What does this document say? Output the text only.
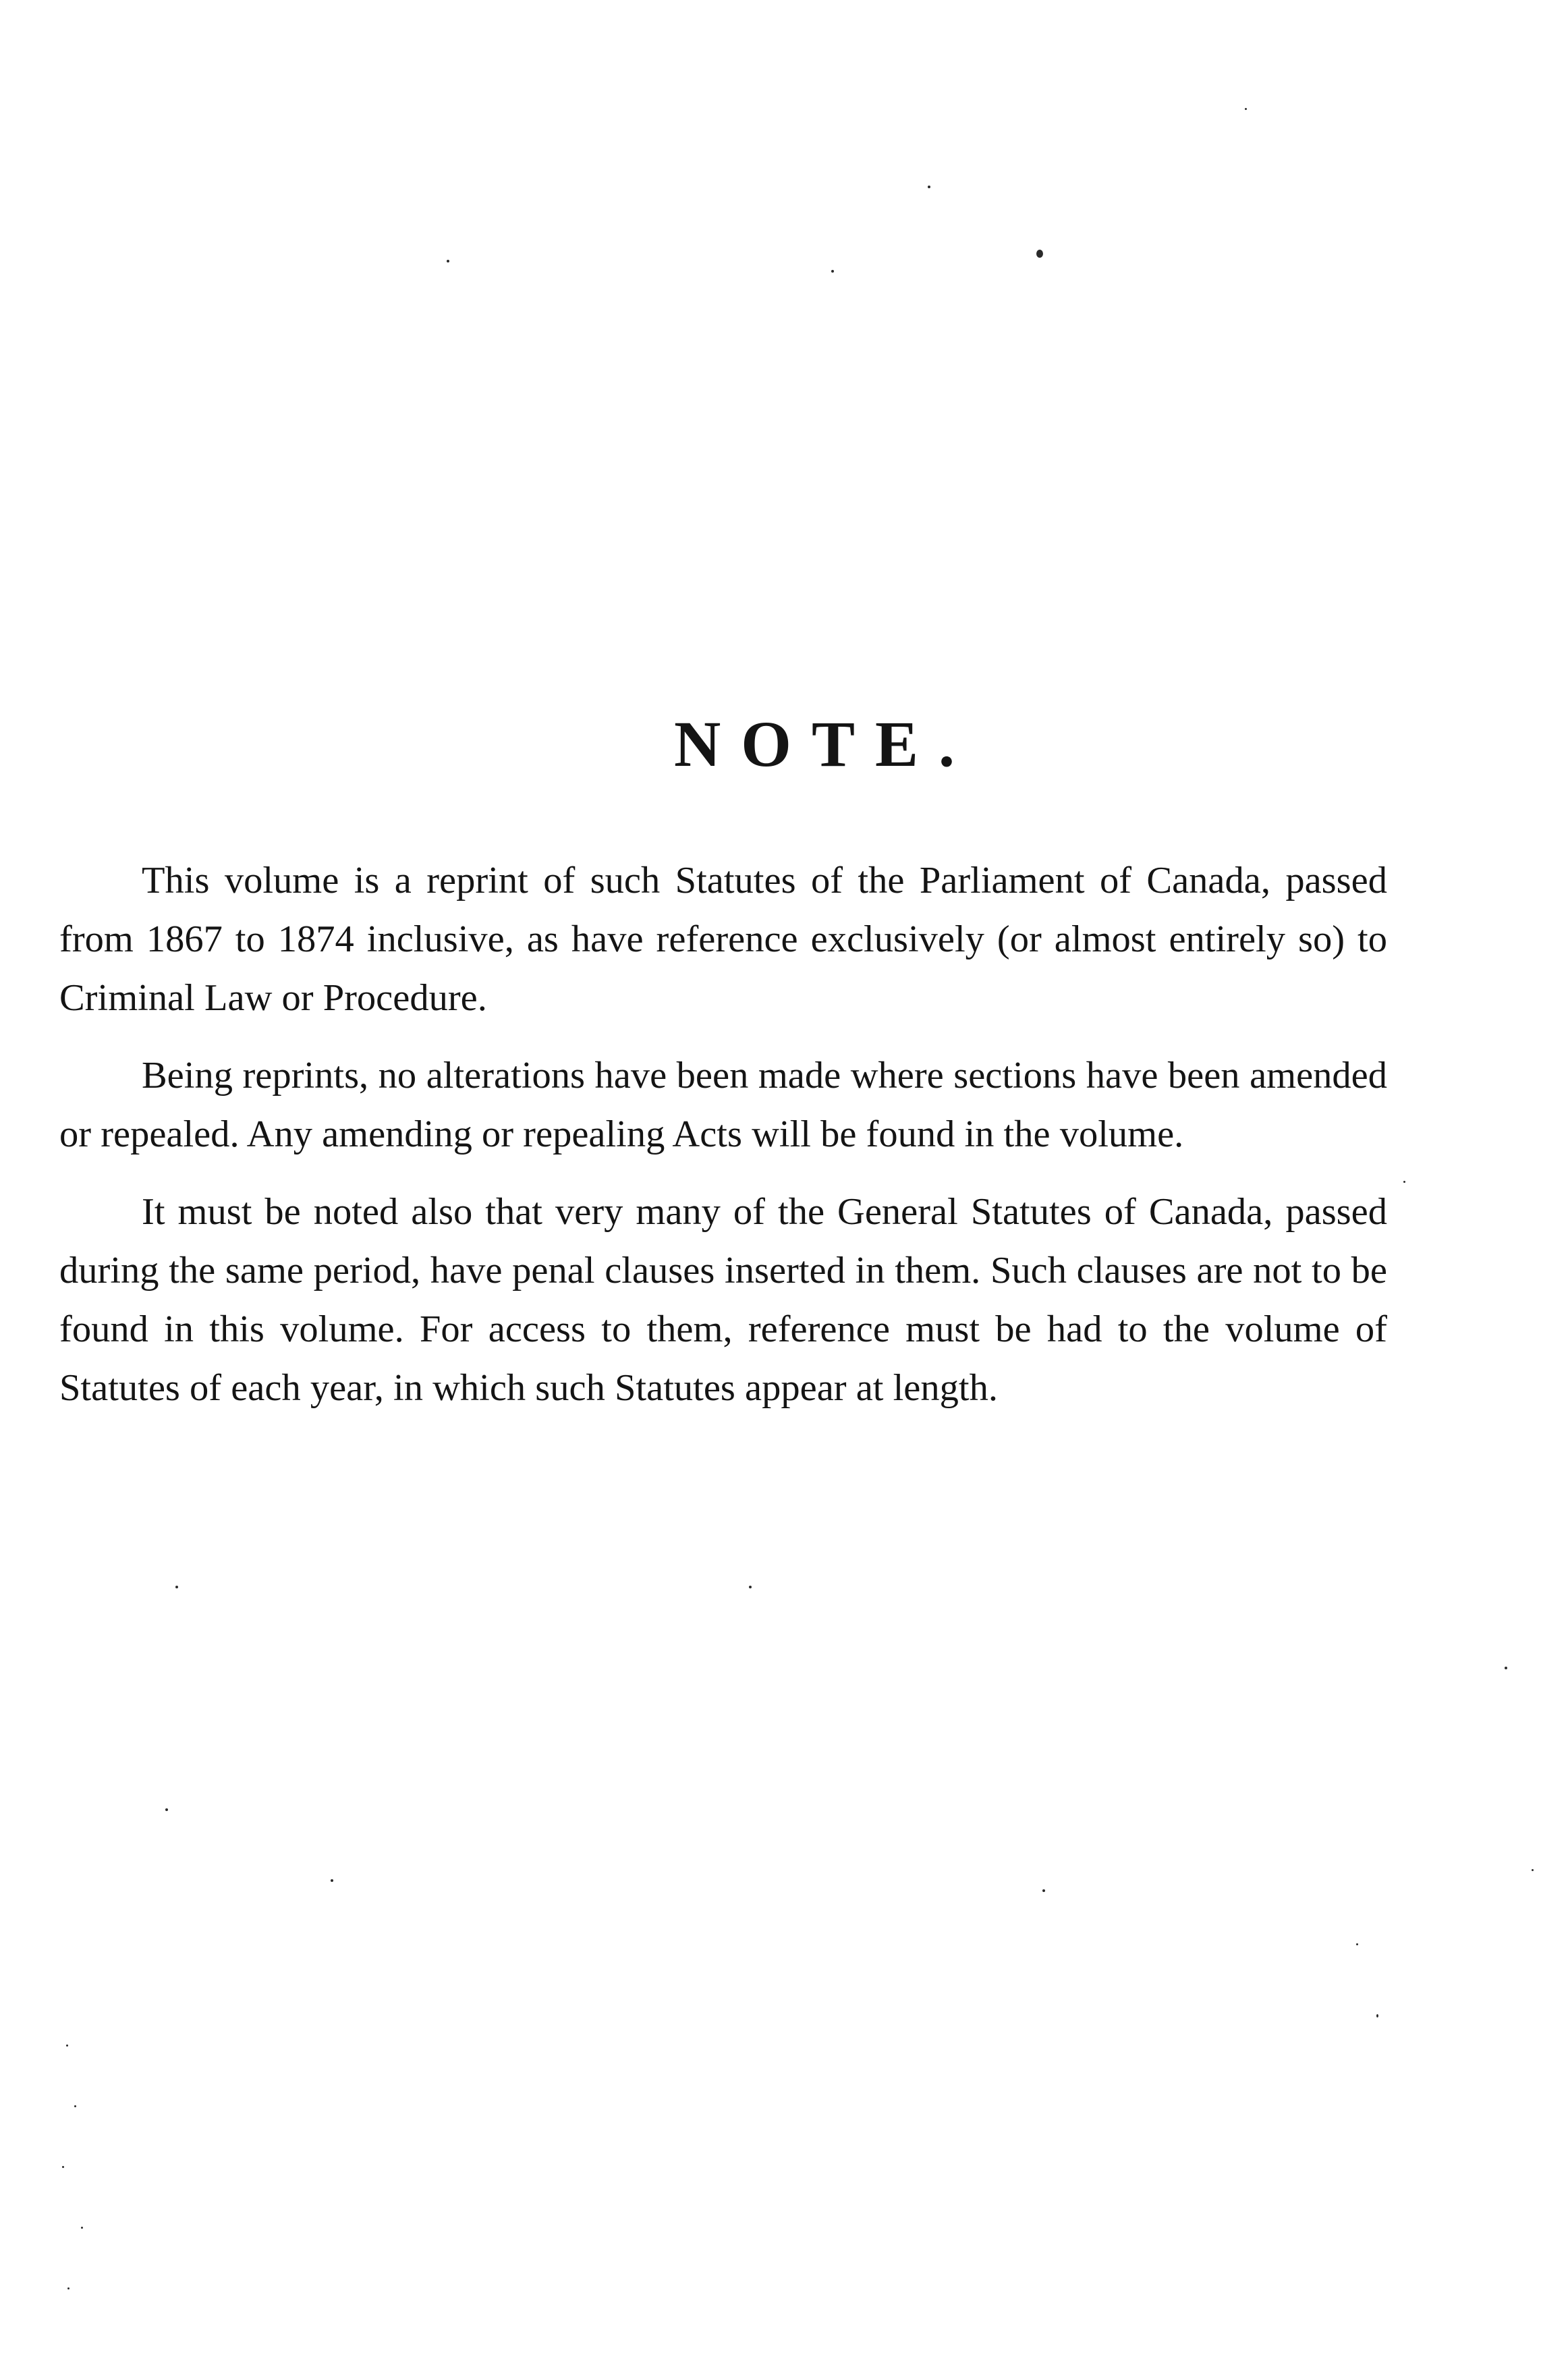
NOTE.

This volume is a reprint of such Statutes of the Parliament of Canada, passed from 1867 to 1874 inclusive, as have reference exclusively (or almost entirely so) to Criminal Law or Procedure.

Being reprints, no alterations have been made where sections have been amended or repealed. Any amending or repealing Acts will be found in the volume.

It must be noted also that very many of the General Statutes of Canada, passed during the same period, have penal clauses inserted in them. Such clauses are not to be found in this volume. For access to them, reference must be had to the volume of Statutes of each year, in which such Statutes appear at length.
